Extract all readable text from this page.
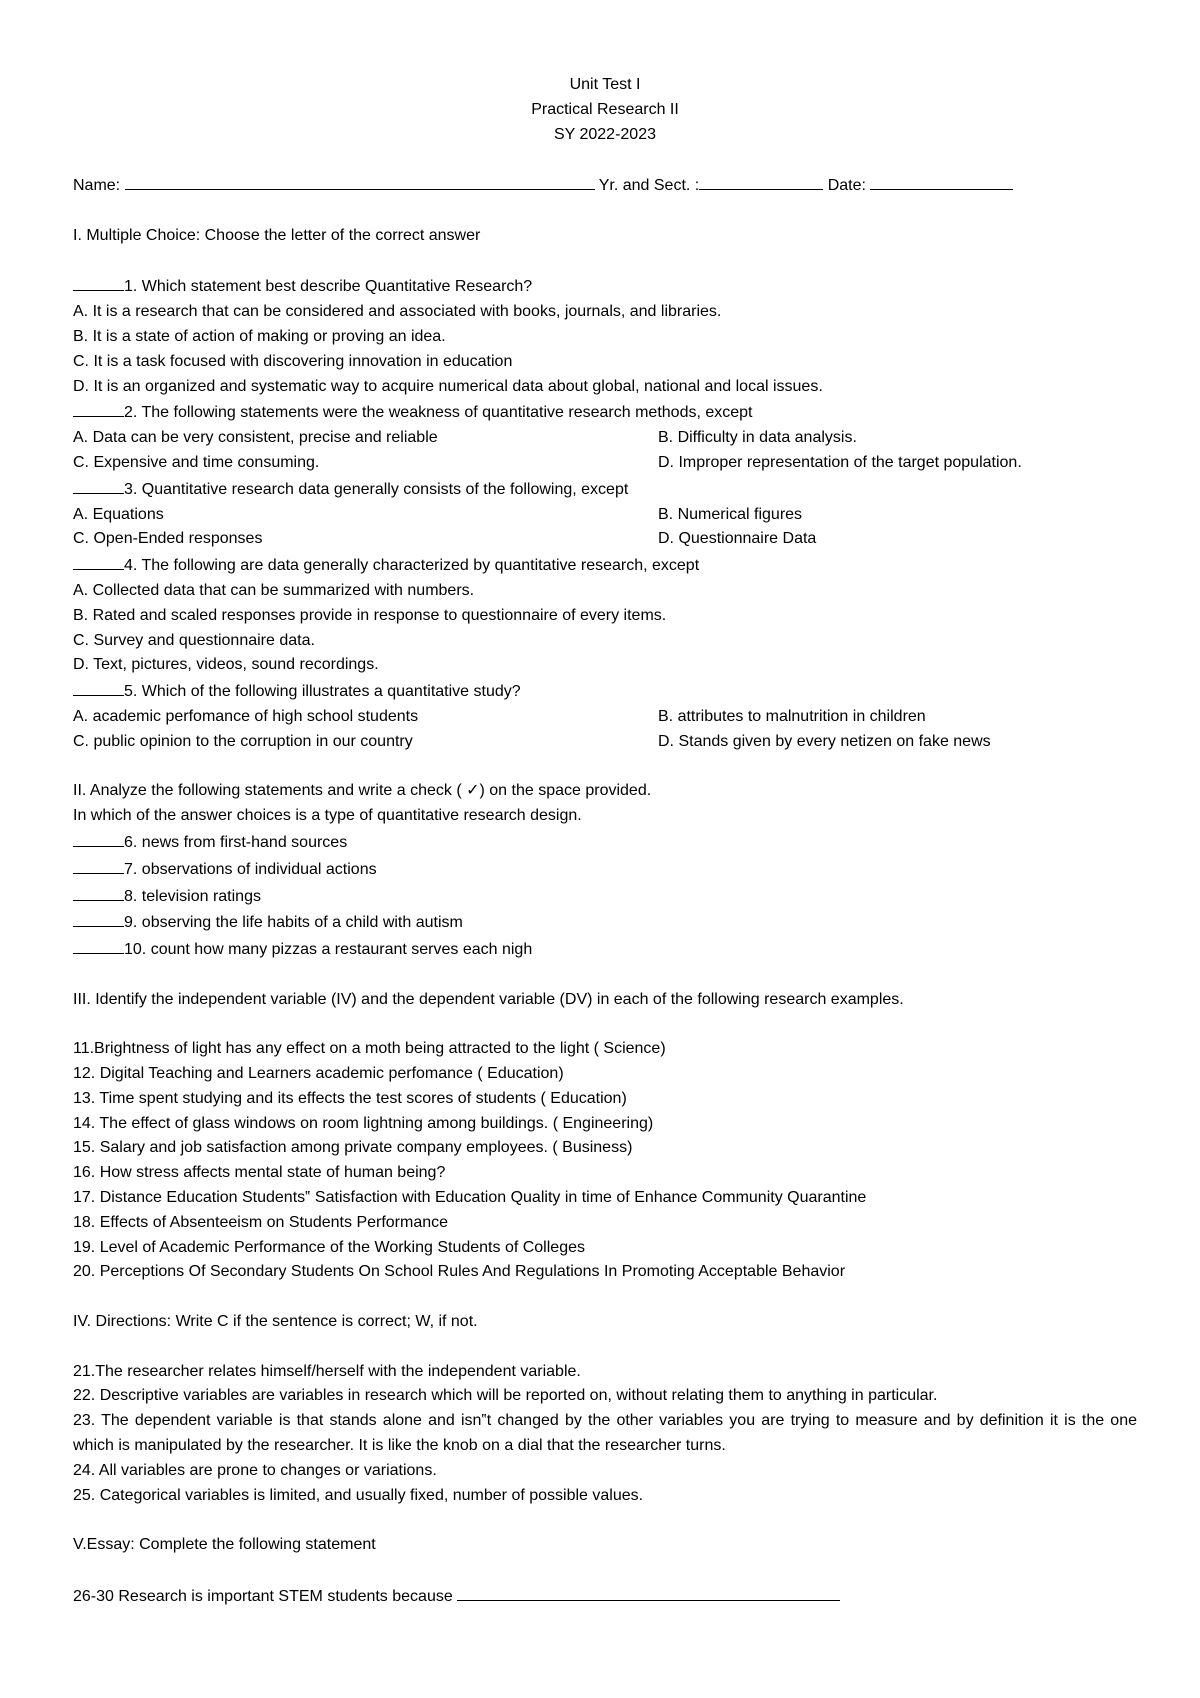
Unit Test I
Practical Research II
SY 2022-2023
Name:	Yr. and Sect. :	Date:
I. Multiple Choice: Choose the letter of the correct answer
1. Which statement best describe Quantitative Research?
A. It is a research that can be considered and associated with books, journals, and libraries.
B. It is a state of action of making or proving an idea.
C. It is a task focused with discovering innovation in education
D. It is an organized and systematic way to acquire numerical data about global, national and local issues.
2. The following statements were the weakness of quantitative research methods, except
A. Data can be very consistent, precise and reliable	B. Difficulty in data analysis.
C. Expensive and time consuming.	D. Improper representation of the target population.
3. Quantitative research data generally consists of the following, except
A. Equations	B. Numerical figures
C. Open-Ended responses	D. Questionnaire Data
4. The following are data generally characterized by quantitative research, except
A. Collected data that can be summarized with numbers.
B. Rated and scaled responses provide in response to questionnaire of every items.
C. Survey and questionnaire data.
D. Text, pictures, videos, sound recordings.
5. Which of the following illustrates a quantitative study?
A. academic perfomance of high school students	B. attributes to malnutrition in children
C. public opinion to the corruption in our country	D. Stands given by every netizen on fake news
II. Analyze the following statements and write a check ( ✓) on the space provided.
In which of the answer choices is a type of quantitative research design.
6. news from first-hand sources
7. observations of individual actions
8. television ratings
9. observing the life habits of a child with autism
10. count how many pizzas a restaurant serves each nigh
III. Identify the independent variable (IV) and the dependent variable (DV) in each of the following research examples.
11.Brightness of light has any effect on a moth being attracted to the light ( Science)
12. Digital Teaching and Learners academic perfomance ( Education)
13. Time spent studying and its effects the test scores of students ( Education)
14. The effect of glass windows on room lightning among buildings. ( Engineering)
15. Salary and job satisfaction among private company employees. ( Business)
16. How stress affects mental state of human being?
17. Distance Education Students‟ Satisfaction with Education Quality in time of Enhance Community Quarantine
18. Effects of Absenteeism on Students Performance
19. Level of Academic Performance of the Working Students of Colleges
20. Perceptions Of Secondary Students On School Rules And Regulations In Promoting Acceptable Behavior
IV. Directions: Write C if the sentence is correct; W, if not.
21.The researcher relates himself/herself with the independent variable.
22. Descriptive variables are variables in research which will be reported on, without relating them to anything in particular.
23. The dependent variable is that stands alone and isn‟t changed by the other variables you are trying to measure and by definition it is the one which is manipulated by the researcher. It is like the knob on a dial that the researcher turns.
24. All variables are prone to changes or variations.
25. Categorical variables is limited, and usually fixed, number of possible values.
V.Essay: Complete the following statement
26-30 Research is important STEM students because
